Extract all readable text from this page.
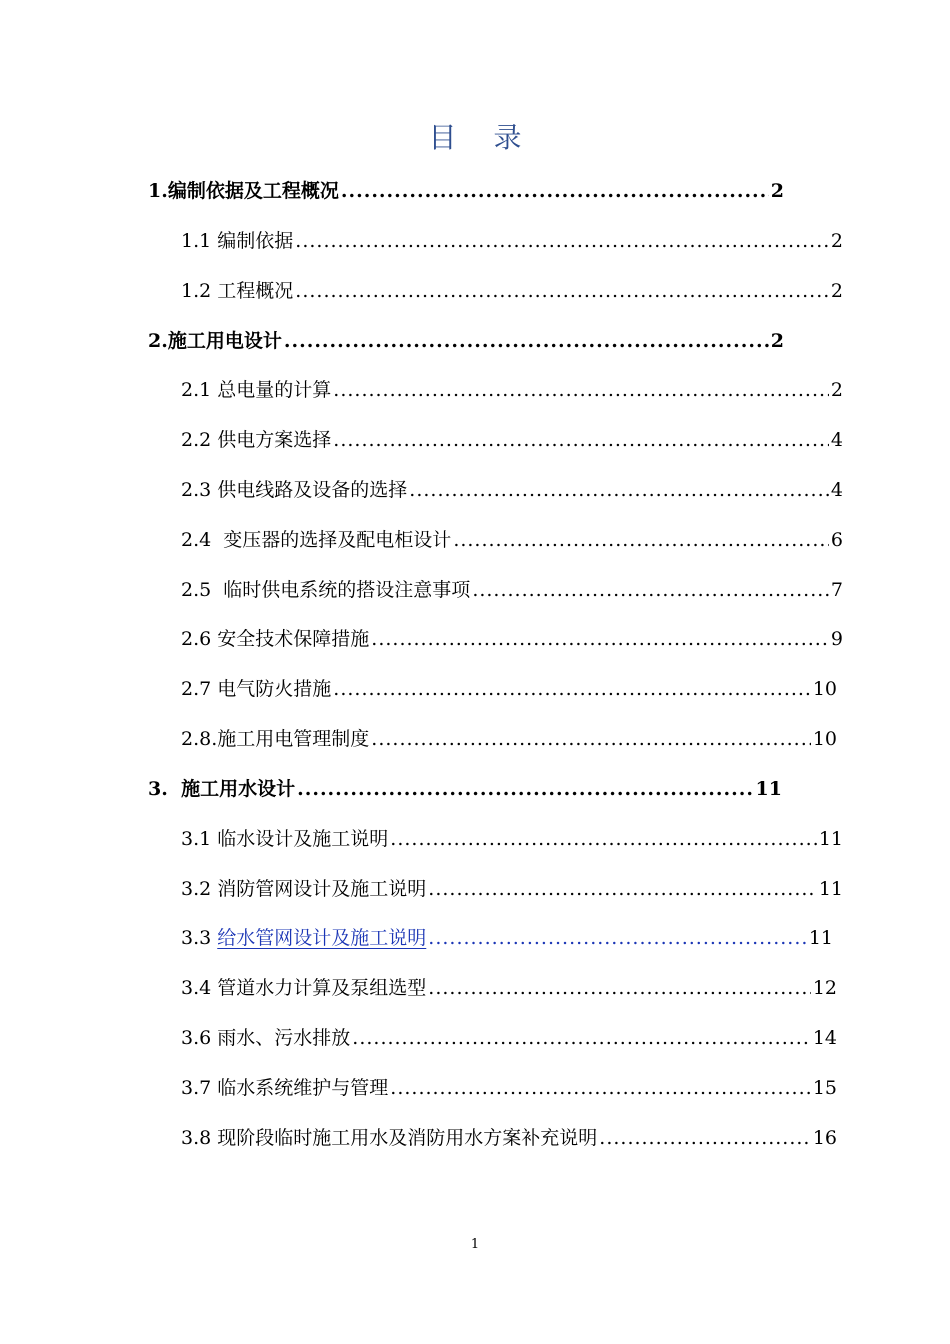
目 录
1.编制依据及工程概况 .....	2
1.1 编制依据 .....	2
1.2 工程概况 .....	2
2.施工用电设计 .....	2
2.1 总电量的计算 .....	2
2.2 供电方案选择 .....	4
2.3 供电线路及设备的选择 .....	4
2.4  变压器的选择及配电柜设计 .....	6
2.5  临时供电系统的搭设注意事项 .....	7
2.6 安全技术保障措施 .....	9
2.7 电气防火措施 .....	10
2.8.施工用电管理制度 .....	10
3.  施工用水设计 .....	11
3.1 临水设计及施工说明 .....	11
3.2 消防管网设计及施工说明 .....	11
3.3 给水管网设计及施工说明 .....	11
3.4 管道水力计算及泵组选型 .....	12
3.6 雨水、污水排放 .....	14
3.7 临水系统维护与管理 .....	15
3.8 现阶段临时施工用水及消防用水方案补充说明 .....	16
1
